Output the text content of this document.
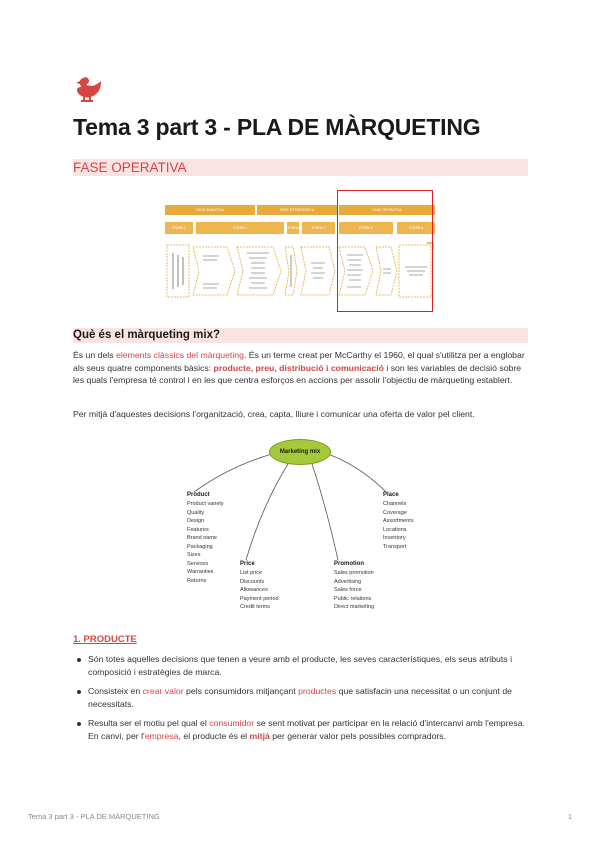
Tema 3 part 3 - PLA DE MÀRQUETING
FASE OPERATIVA
FASE ANALÍTICA	FASE ESTRATÈGICA	FASE OPERATIVA
ETAPA 1	ETAPA 2	ETAPA 3
ETAPA 4	ETAPA 5	ETAPA 6
Què és el màrqueting mix?

És un dels elements clàssics del màrqueting. És un terme creat per McCarthy el 1960, el qual s'utilitza per a englobar als seus quatre components bàsics: producte, preu, distribució i comunicació i son les variables de decisió sobre les quals l'empresa té control i en les que centra esforços en accions per assolir l'objectiu de màrqueting establert.

Per mitjà d'aquestes decisions l'organització, crea, capta, lliure i comunicar una oferta de valor pel client.

Marketing mix
Product
Product variety
Quality
Design
Features
Brand name
Packaging
Sizes
Services
Warranties
Returns
Price
List price
Discounts
Allowances
Payment period
Credit terms
Promotion
Sales promotion
Advertising
Sales force
Public relations
Direct marketing
Place
Channels
Coverage
Assortments
Locations
Inventory
Transport
1. PRODUCTE
Són totes aquelles decisions que tenen a veure amb el producte, les seves característiques, els seus atributs i composició i estratègies de marca.
Consisteix en crear valor pels consumidors mitjançant productes que satisfacin una necessitat o un conjunt de necessitats.
Resulta ser el motiu pel qual el consumidor se sent motivat per participar en la relació d'intercanvi amb l'empresa. En canvi, per l'empresa, el producte és el mitjà per generar valor pels possibles compradors.
Tema 3 part 3 - PLA DE MÀRQUETING	1
